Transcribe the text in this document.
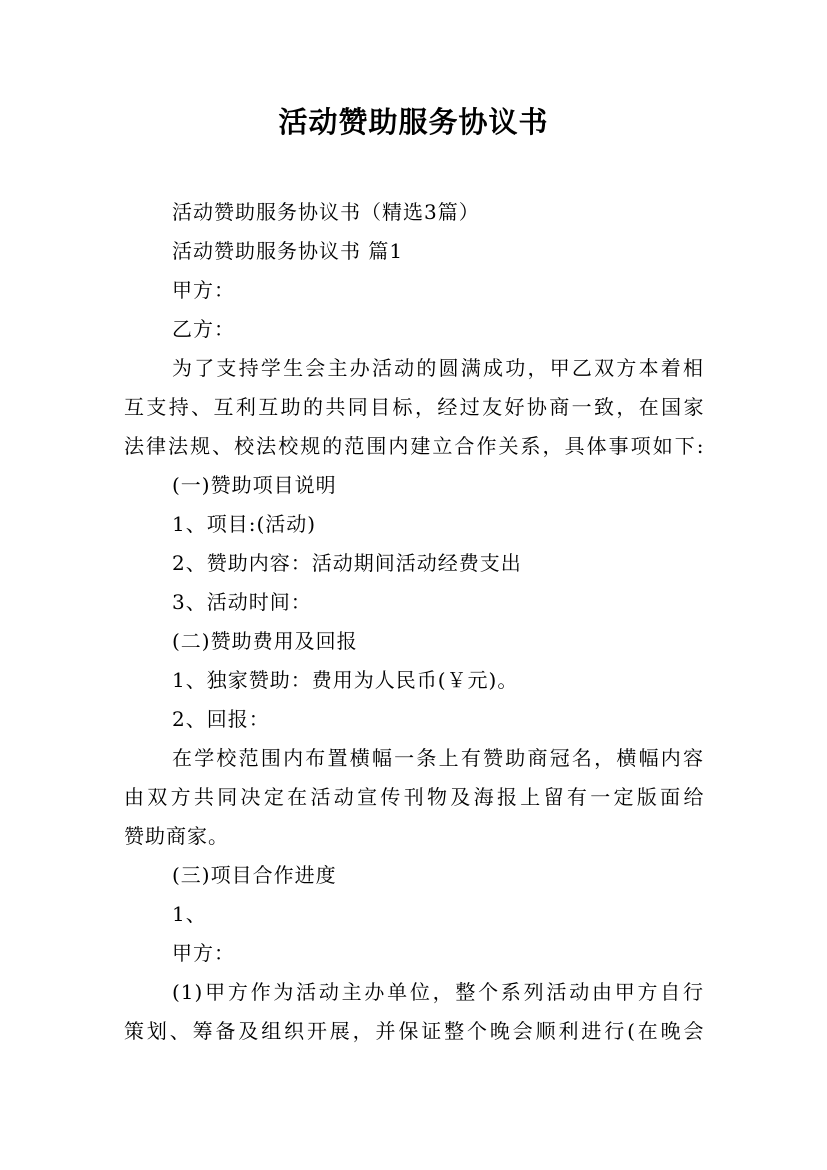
活动赞助服务协议书
活动赞助服务协议书（精选3篇）
活动赞助服务协议书 篇1
甲方：
乙方：
为了支持学生会主办活动的圆满成功，甲乙双方本着相
互支持、互利互助的共同目标，经过友好协商一致，在国家
法律法规、校法校规的范围内建立合作关系，具体事项如下:
(一)赞助项目说明
1、项目:(活动)
2、赞助内容：活动期间活动经费支出
3、活动时间：
(二)赞助费用及回报
1、独家赞助：费用为人民币(￥元)。
2、回报：
在学校范围内布置横幅一条上有赞助商冠名，横幅内容
由双方共同决定在活动宣传刊物及海报上留有一定版面给
赞助商家。
(三)项目合作进度
1、
甲方：
(1)甲方作为活动主办单位，整个系列活动由甲方自行
策划、筹备及组织开展，并保证整个晚会顺利进行(在晚会
